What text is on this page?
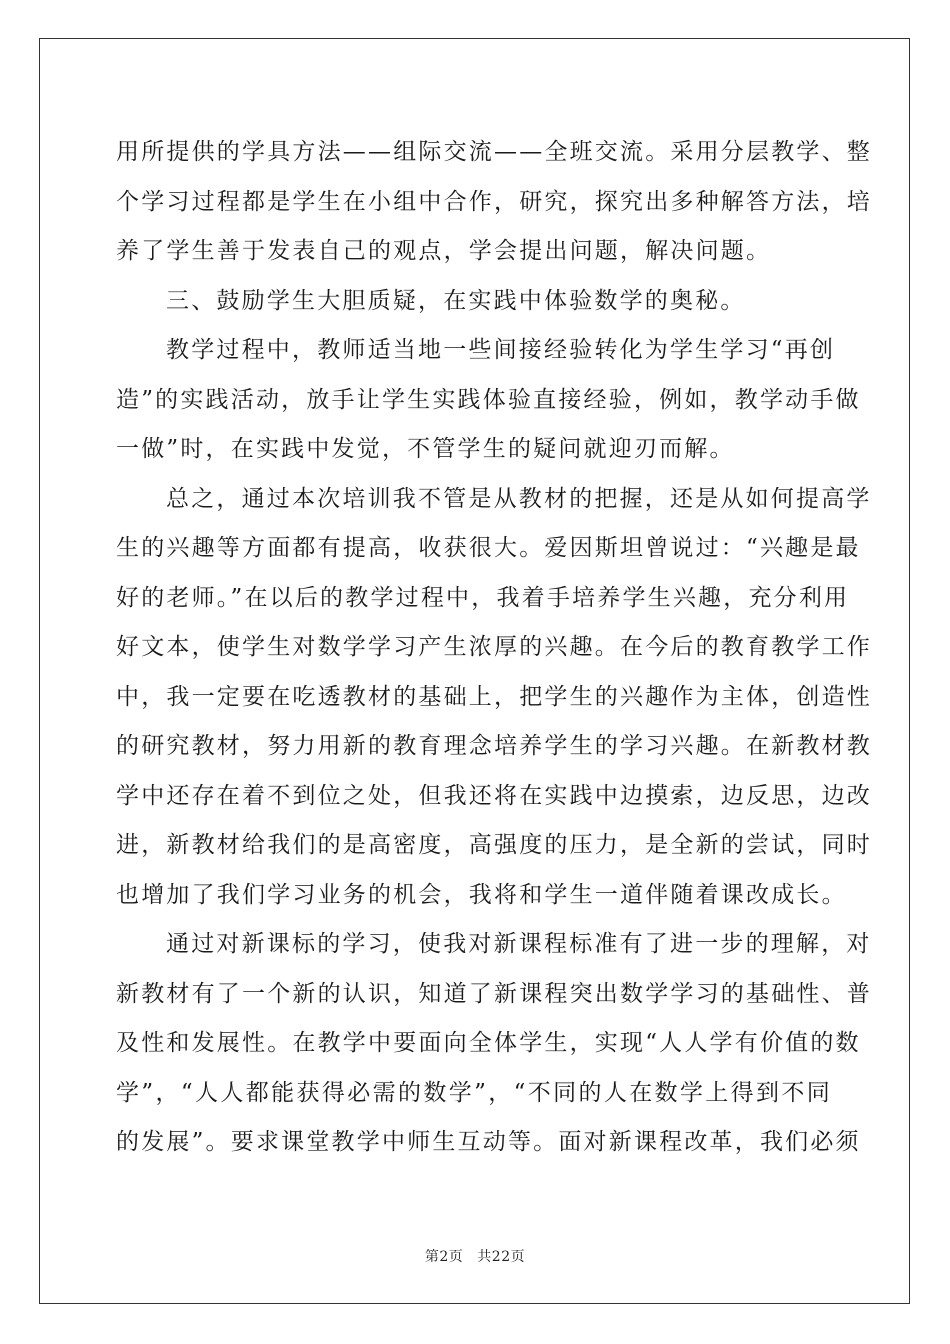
用所提供的学具方法——组际交流——全班交流。采用分层教学、整
个学习过程都是学生在小组中合作，研究，探究出多种解答方法，培
养了学生善于发表自己的观点，学会提出问题，解决问题。
三、鼓励学生大胆质疑，在实践中体验数学的奥秘。
教学过程中，教师适当地一些间接经验转化为学生学习“再创
造”的实践活动，放手让学生实践体验直接经验，例如，教学动手做
一做”时，在实践中发觉，不管学生的疑问就迎刃而解。
总之，通过本次培训我不管是从教材的把握，还是从如何提高学
生的兴趣等方面都有提高，收获很大。爱因斯坦曾说过：“兴趣是最
好的老师。”在以后的教学过程中，我着手培养学生兴趣，充分利用
好文本，使学生对数学学习产生浓厚的兴趣。在今后的教育教学工作
中，我一定要在吃透教材的基础上，把学生的兴趣作为主体，创造性
的研究教材，努力用新的教育理念培养学生的学习兴趣。在新教材教
学中还存在着不到位之处，但我还将在实践中边摸索，边反思，边改
进，新教材给我们的是高密度，高强度的压力，是全新的尝试，同时
也增加了我们学习业务的机会，我将和学生一道伴随着课改成长。
通过对新课标的学习，使我对新课程标准有了进一步的理解，对
新教材有了一个新的认识，知道了新课程突出数学学习的基础性、普
及性和发展性。在教学中要面向全体学生，实现“人人学有价值的数
学”，“人人都能获得必需的数学”，“不同的人在数学上得到不同
的发展”。要求课堂教学中师生互动等。面对新课程改革，我们必须
第2页 共22页
